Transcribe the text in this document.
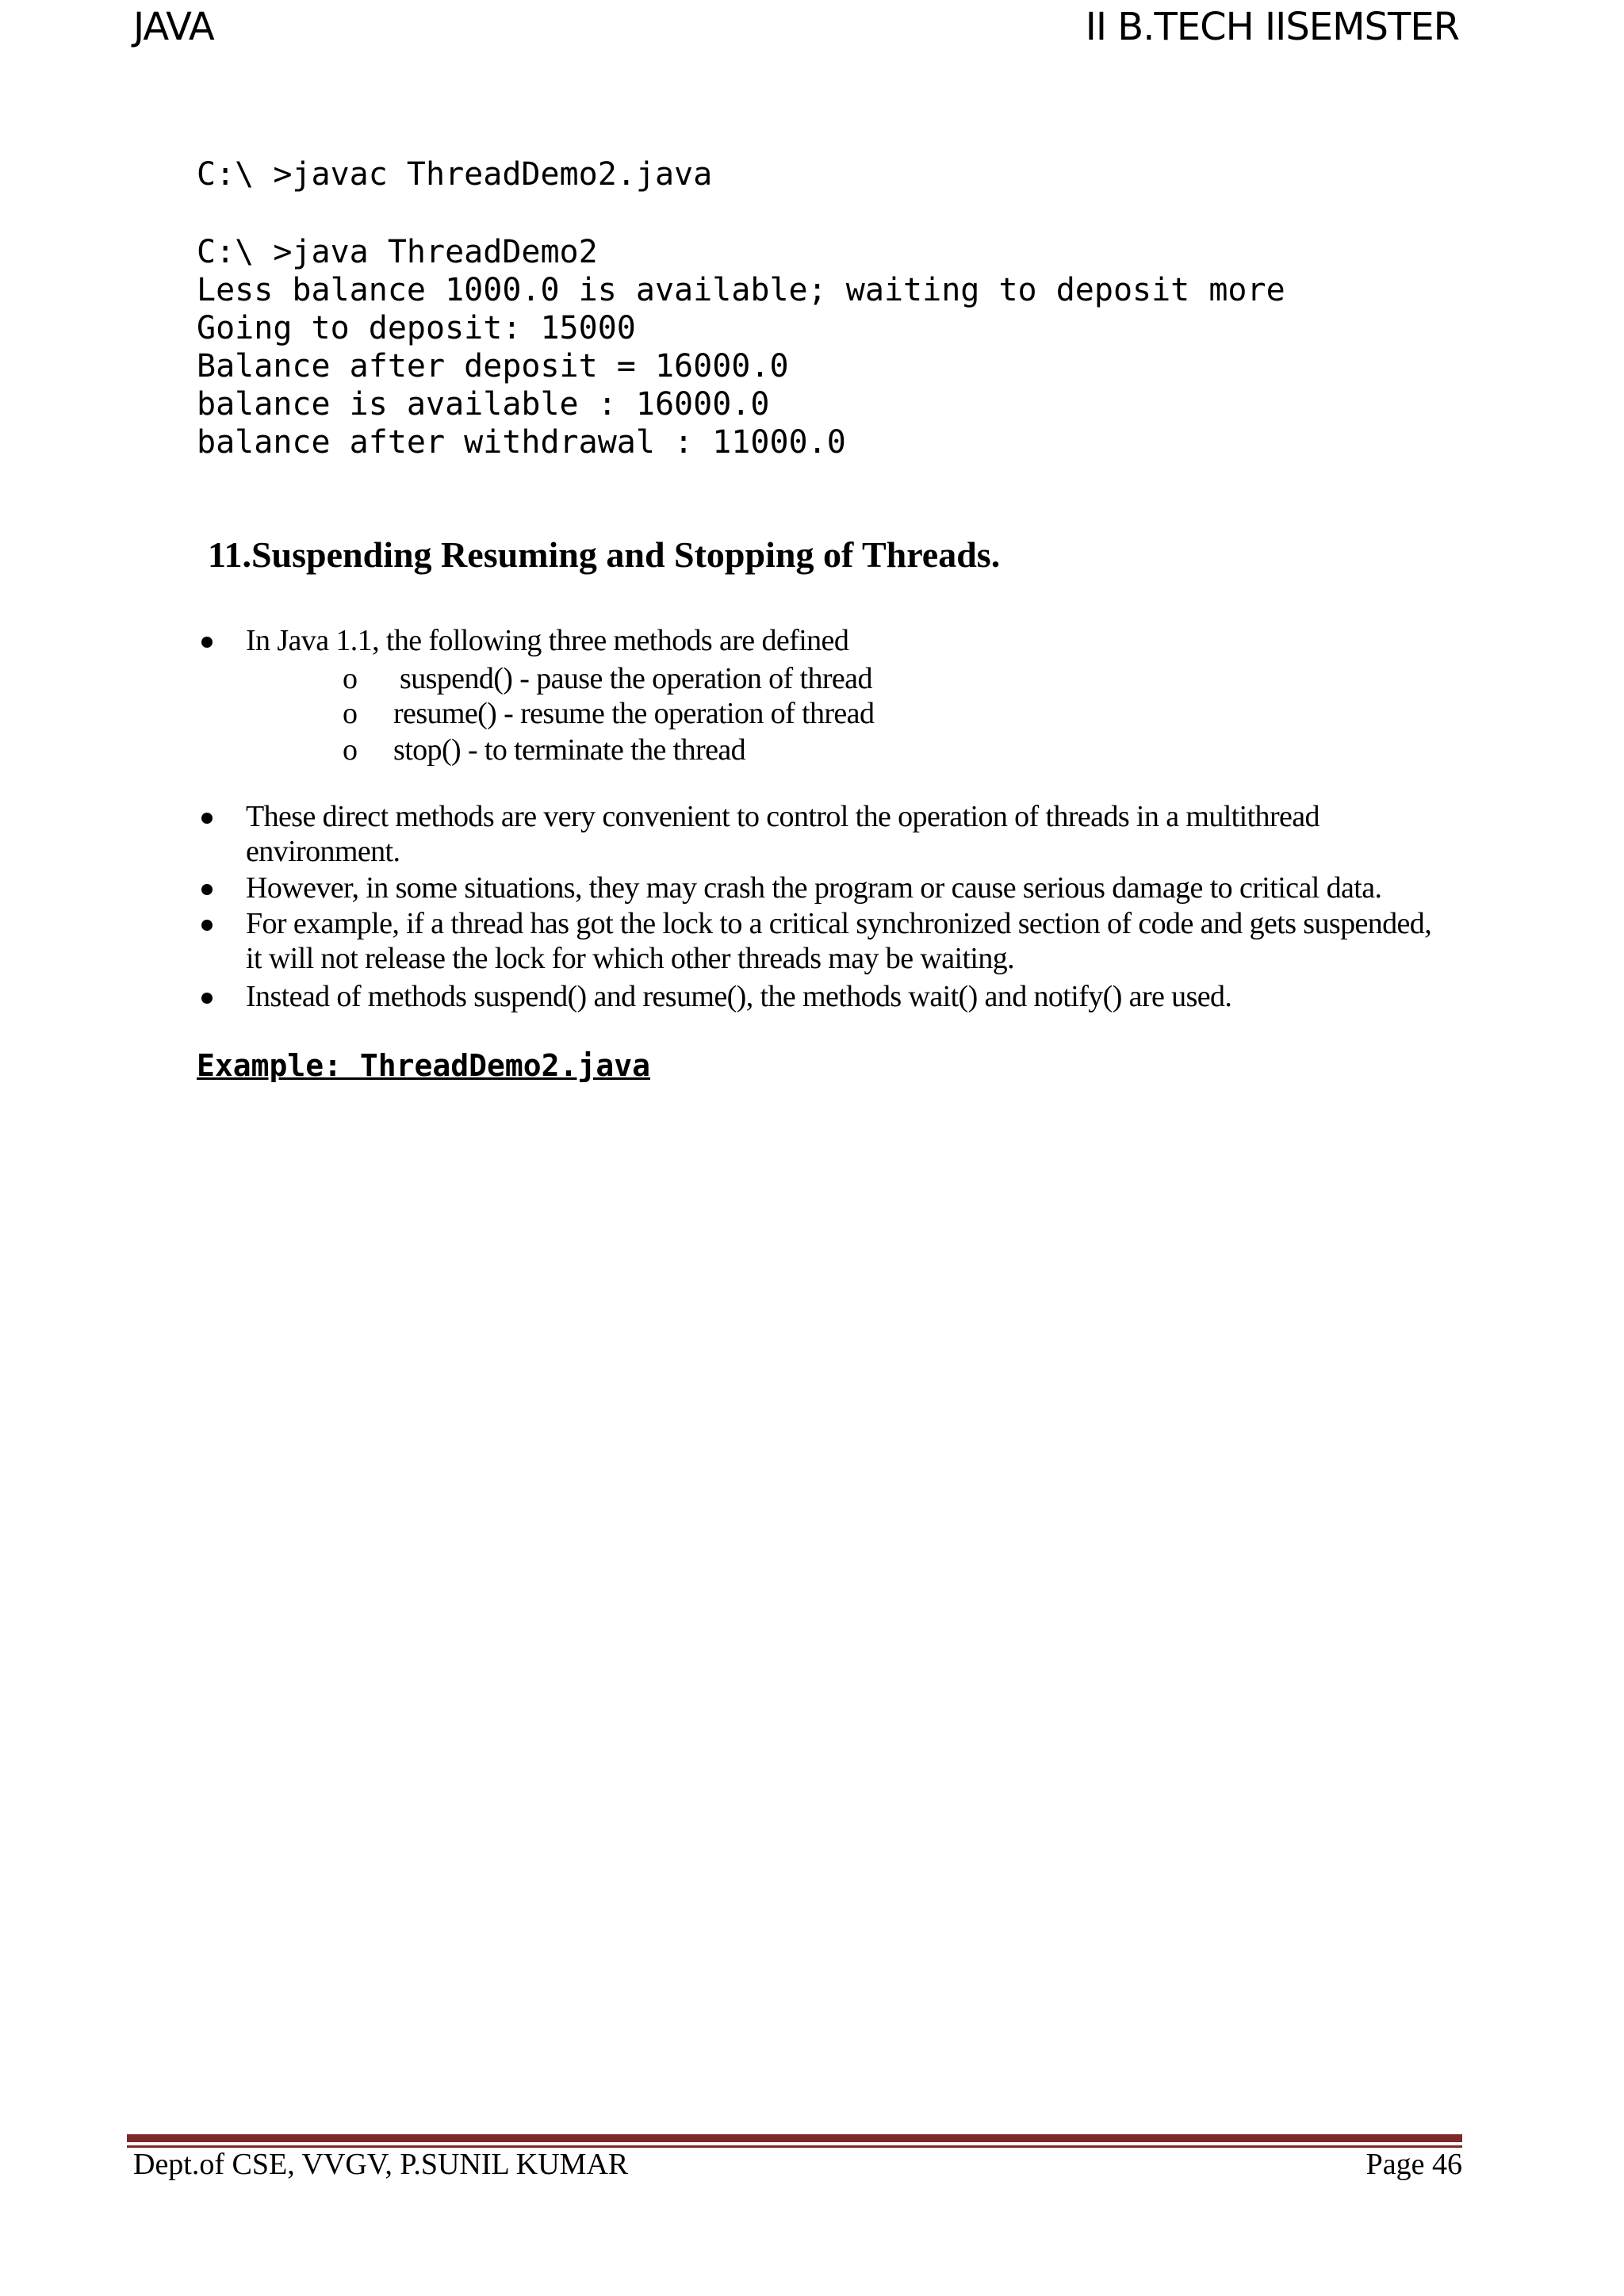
JAVA	II B.TECH IISEMSTER
C:\ >javac ThreadDemo2.java
C:\ >java ThreadDemo2
Less balance 1000.0 is available; waiting to deposit more
Going to deposit: 15000
Balance after deposit = 16000.0
balance is available : 16000.0
balance after withdrawal : 11000.0
11.Suspending Resuming and Stopping of Threads.
In Java 1.1, the following three methods are defined
o suspend() - pause the operation of thread
o resume() - resume the operation of thread
o stop() - to terminate the thread
These direct methods are very convenient to control the operation of threads in a multithread environment.
However, in some situations, they may crash the program or cause serious damage to critical data.
For example, if a thread has got the lock to a critical synchronized section of code and gets suspended, it will not release the lock for which other threads may be waiting.
Instead of methods suspend() and resume(), the methods wait() and notify() are used.
Example: ThreadDemo2.java
Dept.of CSE, VVGV, P.SUNIL KUMAR	Page 46
